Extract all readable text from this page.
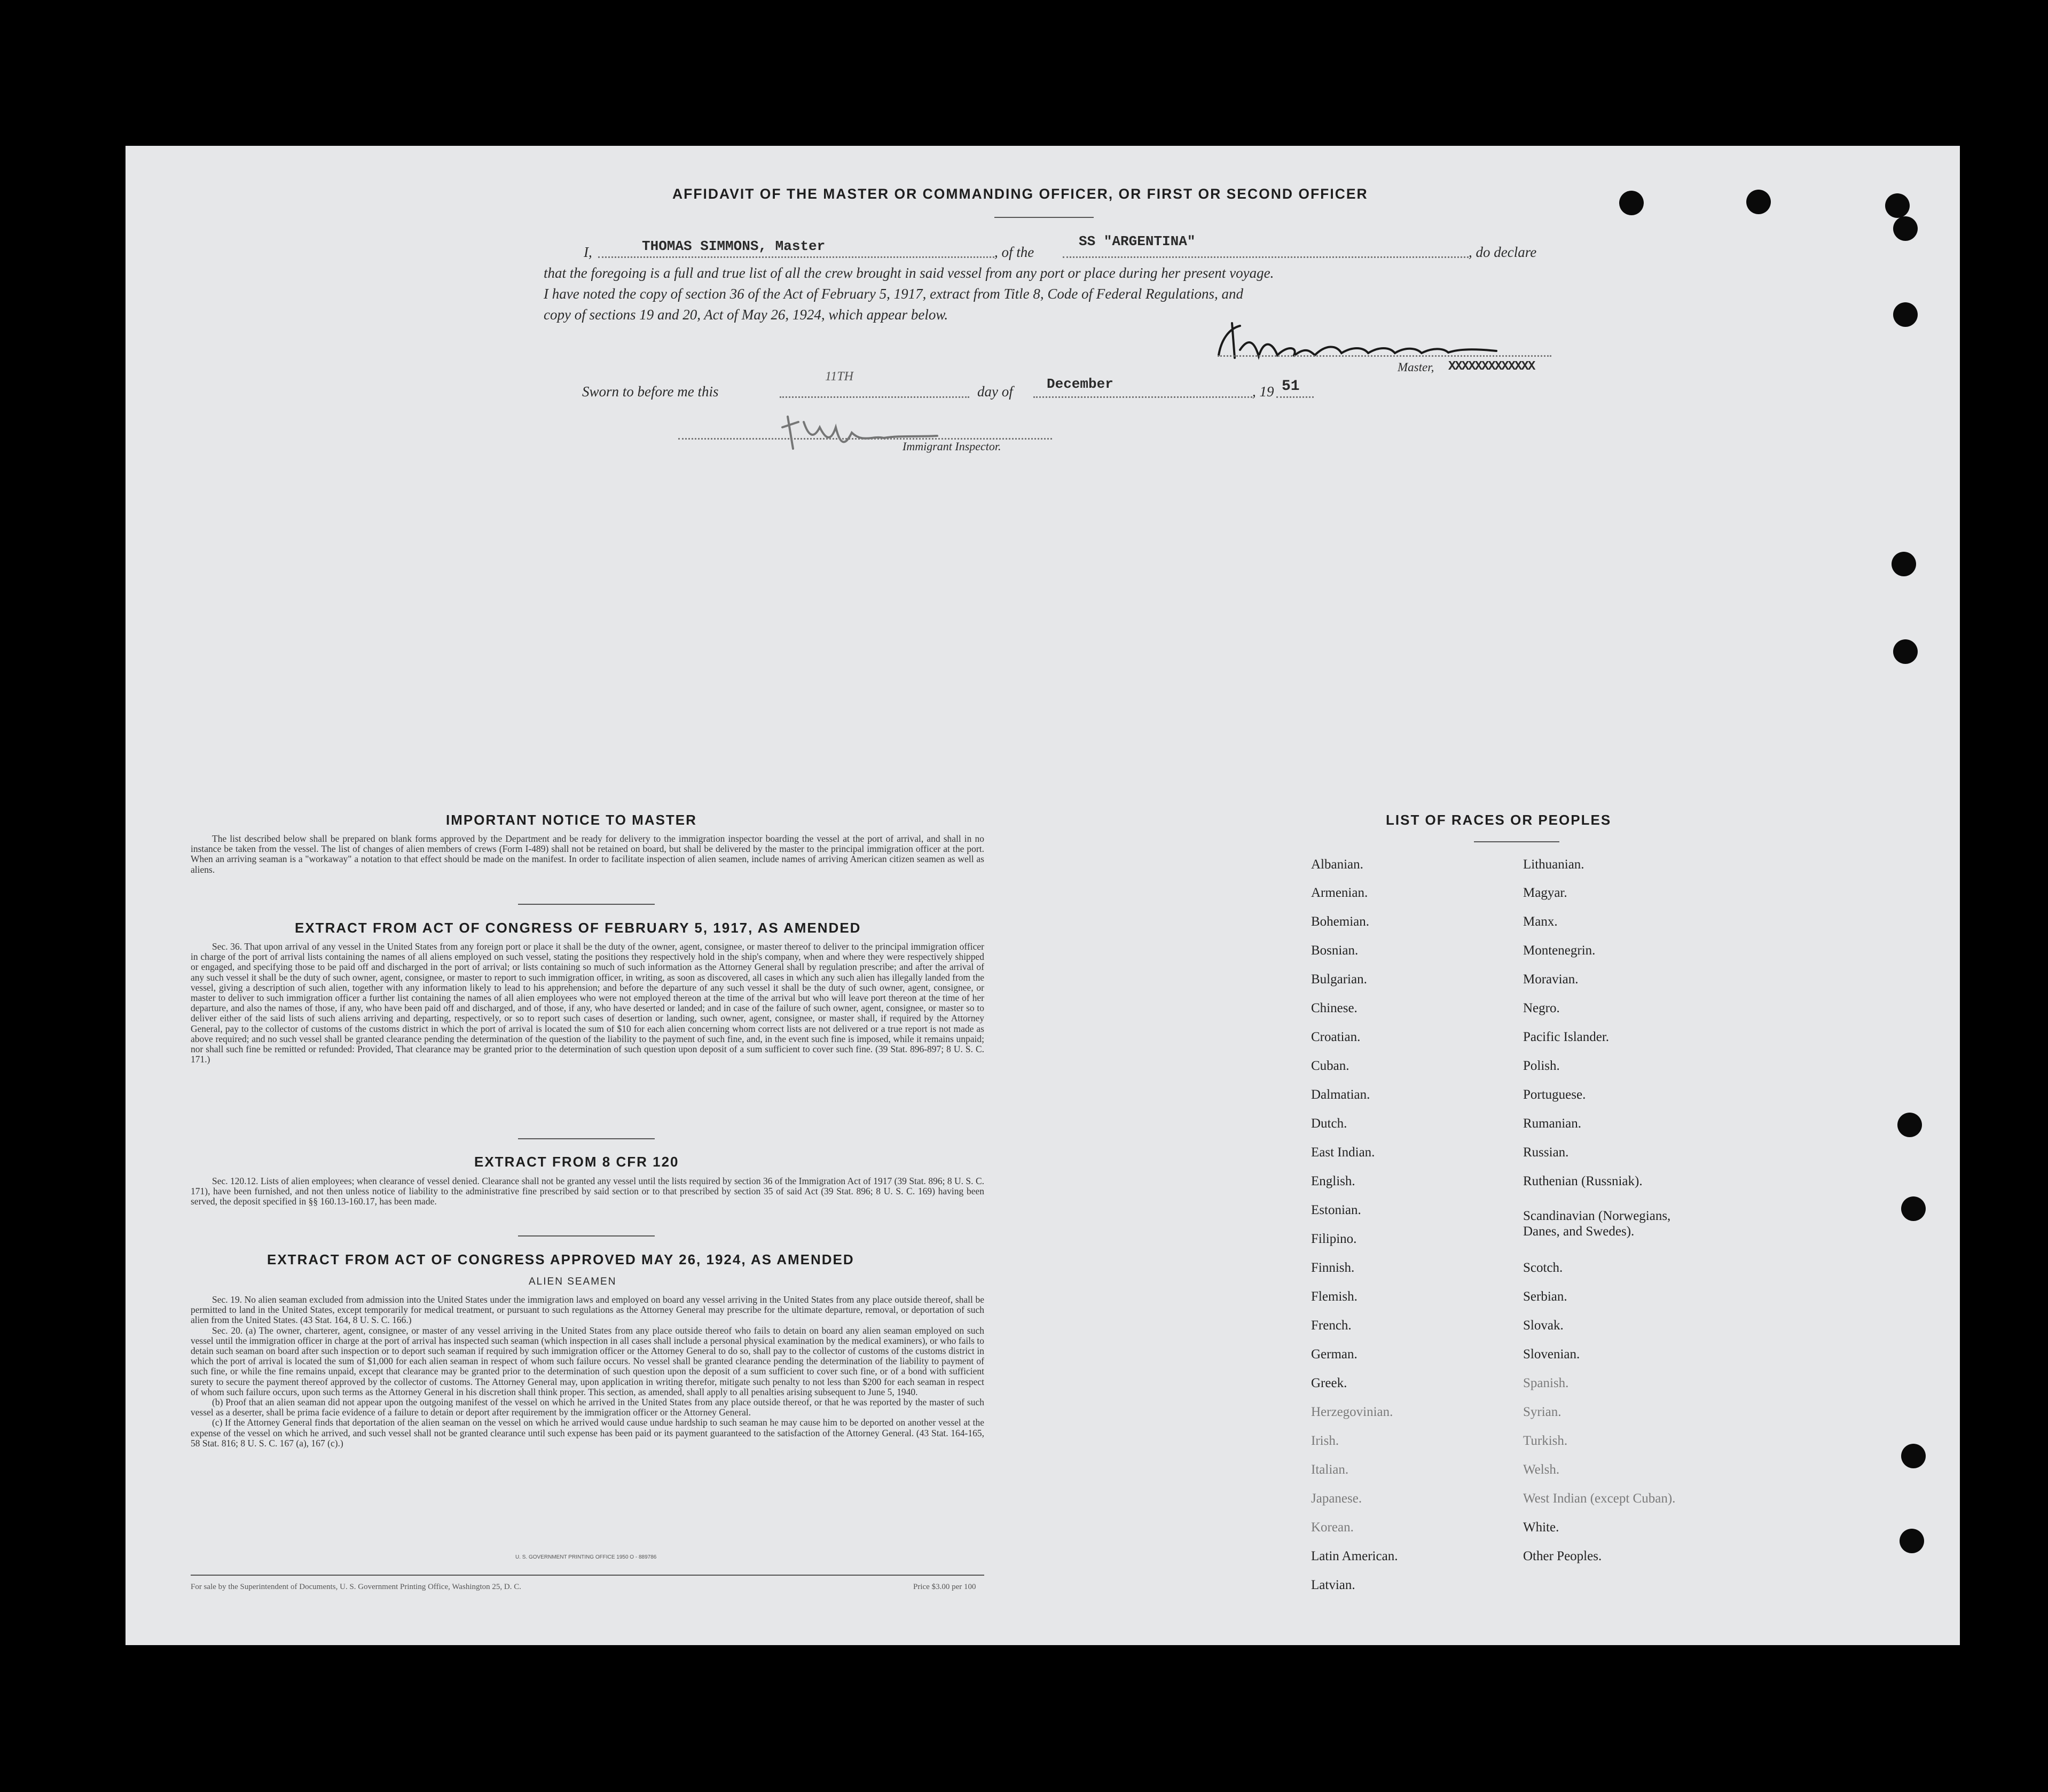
AFFIDAVIT OF THE MASTER OR COMMANDING OFFICER, OR FIRST OR SECOND OFFICER
I,	THOMAS SIMMONS, Master	, of the
SS "ARGENTINA"
, do declare
that the foregoing is a full and true list of all the crew brought in said vessel from any port or place during her present voyage.
I have noted the copy of section 36 of the Act of February 5, 1917, extract from Title 8, Code of Federal Regulations, and
copy of sections 19 and 20, Act of May 26, 1924, which appear below.
Master, XXXXXXXXXXXXX
Sworn to before me this
11TH
day of December	, 19 51
Immigrant Inspector.
IMPORTANT NOTICE TO MASTER

The list described below shall be prepared on blank forms approved by the Department and be ready for delivery to the immigration inspector boarding the vessel at the port of arrival, and shall in no instance be taken from the vessel. The list of changes of alien members of crews (Form I-489) shall not be retained on board, but shall be delivered by the master to the principal immigration officer at the port. When an arriving seaman is a "workaway" a notation to that effect should be made on the manifest. In order to facilitate inspection of alien seamen, include names of arriving American citizen seamen as well as aliens.

EXTRACT FROM ACT OF CONGRESS OF FEBRUARY 5, 1917, AS AMENDED

Sec. 36. That upon arrival of any vessel in the United States from any foreign port or place it shall be the duty of the owner, agent, consignee, or master thereof to deliver to the principal immigration officer in charge of the port of arrival lists containing the names of all aliens employed on such vessel, stating the positions they respectively hold in the ship's company, when and where they were respectively shipped or engaged, and specifying those to be paid off and discharged in the port of arrival; or lists containing so much of such information as the Attorney General shall by regulation prescribe; and after the arrival of any such vessel it shall be the duty of such owner, agent, consignee, or master to report to such immigration officer, in writing, as soon as discovered, all cases in which any such alien has illegally landed from the vessel, giving a description of such alien, together with any information likely to lead to his apprehension; and before the departure of any such vessel it shall be the duty of such owner, agent, consignee, or master to deliver to such immigration officer a further list containing the names of all alien employees who were not employed thereon at the time of the arrival but who will leave port thereon at the time of her departure, and also the names of those, if any, who have been paid off and discharged, and of those, if any, who have deserted or landed; and in case of the failure of such owner, agent, consignee, or master so to deliver either of the said lists of such aliens arriving and departing, respectively, or so to report such cases of desertion or landing, such owner, agent, consignee, or master shall, if required by the Attorney General, pay to the collector of customs of the customs district in which the port of arrival is located the sum of $10 for each alien concerning whom correct lists are not delivered or a true report is not made as above required; and no such vessel shall be granted clearance pending the determination of the question of the liability to the payment of such fine, and, in the event such fine is imposed, while it remains unpaid; nor shall such fine be remitted or refunded: Provided, That clearance may be granted prior to the determination of such question upon deposit of a sum sufficient to cover such fine. (39 Stat. 896-897; 8 U. S. C. 171.)

EXTRACT FROM 8 CFR 120

Sec. 120.12. Lists of alien employees; when clearance of vessel denied. Clearance shall not be granted any vessel until the lists required by section 36 of the Immigration Act of 1917 (39 Stat. 896; 8 U. S. C. 171), have been furnished, and not then unless notice of liability to the administrative fine prescribed by said section or to that prescribed by section 35 of said Act (39 Stat. 896; 8 U. S. C. 169) having been served, the deposit specified in §§ 160.13-160.17, has been made.

EXTRACT FROM ACT OF CONGRESS APPROVED MAY 26, 1924, AS AMENDED
ALIEN SEAMEN

Sec. 19. No alien seaman excluded from admission into the United States under the immigration laws and employed on board any vessel arriving in the United States from any place outside thereof, shall be permitted to land in the United States, except temporarily for medical treatment, or pursuant to such regulations as the Attorney General may prescribe for the ultimate departure, removal, or deportation of such alien from the United States. (43 Stat. 164, 8 U. S. C. 166.)

Sec. 20. (a) The owner, charterer, agent, consignee, or master of any vessel arriving in the United States from any place outside thereof who fails to detain on board any alien seaman employed on such vessel until the immigration officer in charge at the port of arrival has inspected such seaman (which inspection in all cases shall include a personal physical examination by the medical examiners), or who fails to detain such seaman on board after such inspection or to deport such seaman if required by such immigration officer or the Attorney General to do so, shall pay to the collector of customs of the customs district in which the port of arrival is located the sum of $1,000 for each alien seaman in respect of whom such failure occurs. No vessel shall be granted clearance pending the determination of the liability to payment of such fine, or while the fine remains unpaid, except that clearance may be granted prior to the determination of such question upon the deposit of a sum sufficient to cover such fine, or of a bond with sufficient surety to secure the payment thereof approved by the collector of customs. The Attorney General may, upon application in writing therefor, mitigate such penalty to not less than $200 for each seaman in respect of whom such failure occurs, upon such terms as the Attorney General in his discretion shall think proper. This section, as amended, shall apply to all penalties arising subsequent to June 5, 1940.

(b) Proof that an alien seaman did not appear upon the outgoing manifest of the vessel on which he arrived in the United States from any place outside thereof, or that he was reported by the master of such vessel as a deserter, shall be prima facie evidence of a failure to detain or deport after requirement by the immigration officer or the Attorney General.

(c) If the Attorney General finds that deportation of the alien seaman on the vessel on which he arrived would cause undue hardship to such seaman he may cause him to be deported on another vessel at the expense of the vessel on which he arrived, and such vessel shall not be granted clearance until such expense has been paid or its payment guaranteed to the satisfaction of the Attorney General. (43 Stat. 164-165, 58 Stat. 816; 8 U. S. C. 167 (a), 167 (c).)

U. S. GOVERNMENT PRINTING OFFICE 1950 O - 889786
For sale by the Superintendent of Documents, U. S. Government Printing Office, Washington 25, D. C.	Price $3.00 per 100
LIST OF RACES OR PEOPLES
Albanian.
Armenian.
Bohemian.
Bosnian.
Bulgarian.
Chinese.
Croatian.
Cuban.
Dalmatian.
Dutch.
East Indian.
English.
Estonian.
Filipino.
Finnish.
Flemish.
French.
German.
Greek.
Herzegovinian.
Irish.
Italian.
Japanese.
Korean.
Latin American.
Latvian.
Lithuanian.
Magyar.
Manx.
Montenegrin.
Moravian.
Negro.
Pacific Islander.
Polish.
Portuguese.
Rumanian.
Russian.
Ruthenian (Russniak).
Scandinavian (Norwegians,
Danes, and Swedes).
Scotch.
Serbian.
Slovak.
Slovenian.
Spanish.
Syrian.
Turkish.
Welsh.
West Indian (except Cuban).
White.
Other Peoples.
